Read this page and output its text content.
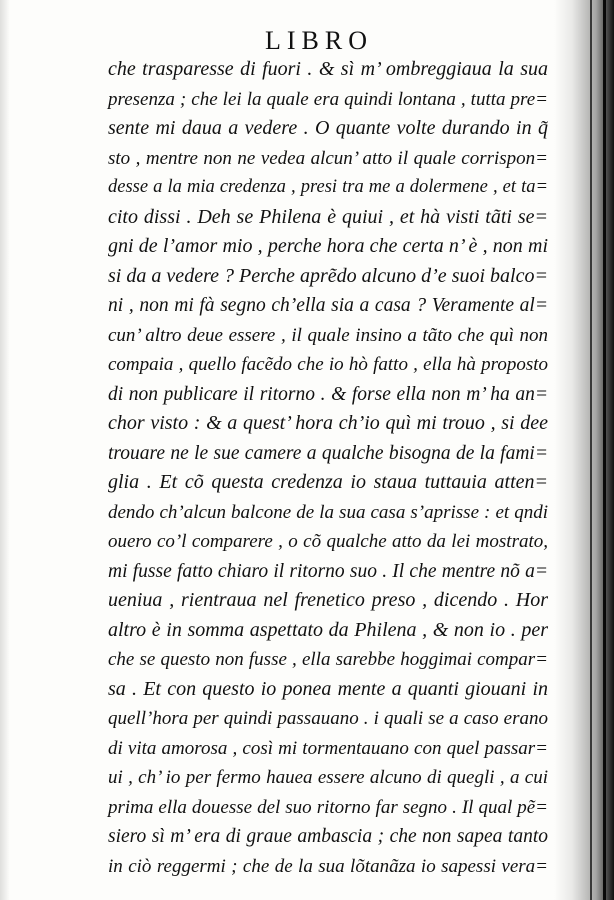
LIBRO
che trasparesse di fuori . & sì m’ ombreggiaua la sua
presenza ; che lei la quale era quindi lontana , tutta pre=
sente mi daua a vedere . O quante volte durando in q̃
sto , mentre non ne vedea alcun’ atto il quale corrispon=
desse a la mia credenza , presi tra me a dolermene , et ta=
cito dissi . Deh se Philena è quiui , et hà visti tãti se=
gni de l’amor mio , perche hora che certa n’ è , non mi
si da a vedere ? Perche aprẽdo alcuno d’e suoi balco=
ni , non mi fà segno ch’ella sia a casa ? Veramente al=
cun’ altro deue essere , il quale insino a tãto che quì non
compaia , quello facẽdo che io hò fatto , ella hà proposto
di non publicare il ritorno . & forse ella non m’ ha an=
chor visto : & a quest’ hora ch’io quì mi trouo , si dee
trouare ne le sue camere a qualche bisogna de la fami=
glia . Et cõ questa credenza io staua tuttauia atten=
dendo ch’alcun balcone de la sua casa s’aprisse : et qndi
ouero co’l comparere , o cõ qualche atto da lei mostrato,
mi fusse fatto chiaro il ritorno suo . Il che mentre nõ a=
ueniua , rientraua nel frenetico preso , dicendo . Hor
altro è in somma aspettato da Philena , & non io . per
che se questo non fusse , ella sarebbe hoggimai compar=
sa . Et con questo io ponea mente a quanti giouani in
quell’hora per quindi passauano . i quali se a caso erano
di vita amorosa , così mi tormentauano con quel passar=
ui , ch’ io per fermo hauea essere alcuno di quegli , a cui
prima ella douesse del suo ritorno far segno . Il qual pẽ=
siero sì m’ era di graue ambascia ; che non sapea tanto
in ciò reggermi ; che de la sua lõtanãza io sapessi vera=
